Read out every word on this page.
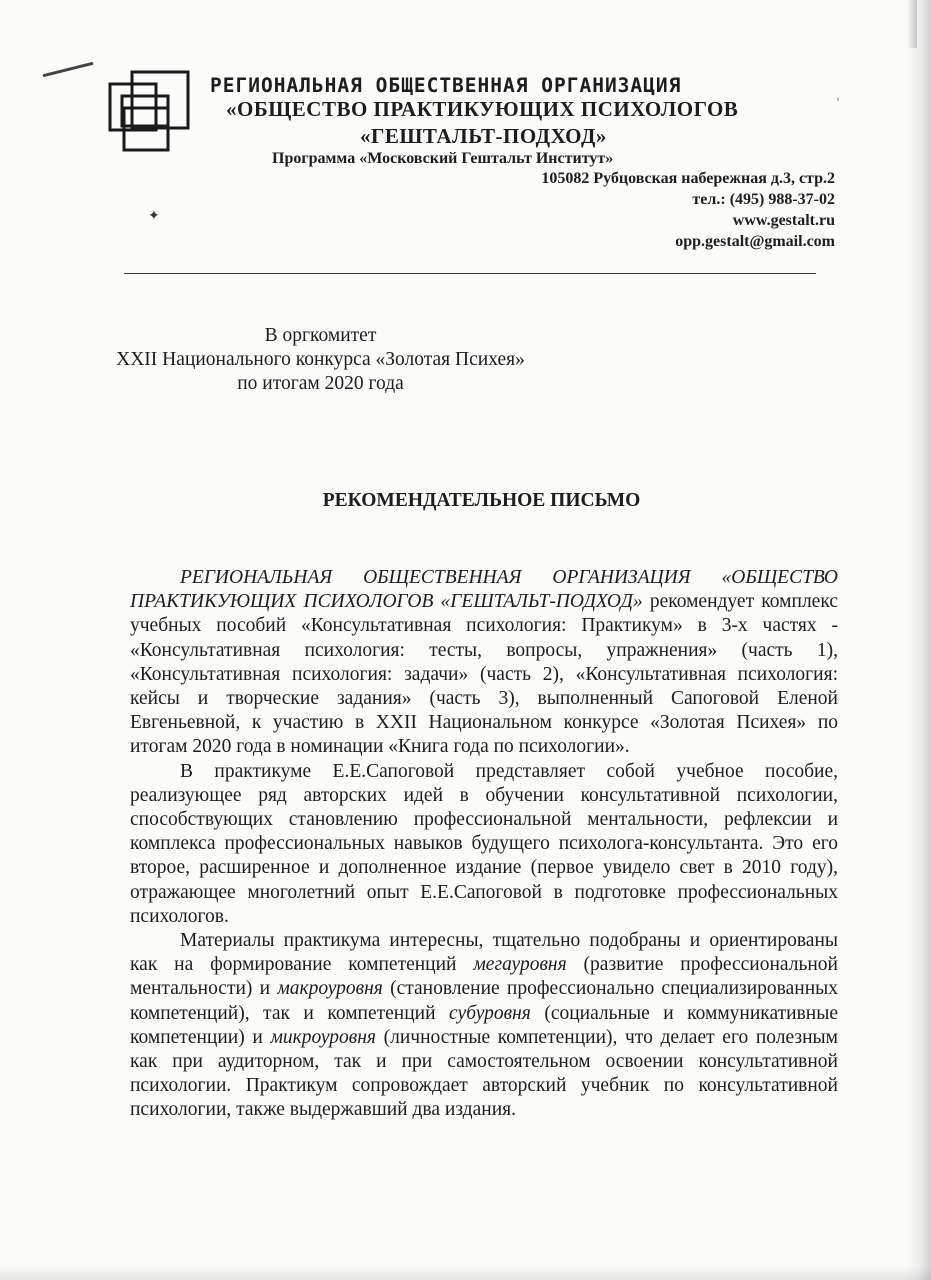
✦
ʼ
РЕГИОНАЛЬНАЯ ОБЩЕСТВЕННАЯ ОРГАНИЗАЦИЯ
«ОБЩЕСТВО ПРАКТИКУЮЩИХ ПСИХОЛОГОВ
«ГЕШТАЛЬТ-ПОДХОД»
Программа «Московский Гештальт Институт»
105082 Рубцовская набережная д.3, стр.2
тел.: (495) 988-37-02
www.gestalt.ru
opp.gestalt@gmail.com
В оргкомитет
XXII Национального конкурса «Золотая Психея»
по итогам 2020 года
РЕКОМЕНДАТЕЛЬНОЕ ПИСЬМО

РЕГИОНАЛЬНАЯ ОБЩЕСТВЕННАЯ ОРГАНИЗАЦИЯ «ОБЩЕСТВО ПРАКТИКУЮЩИХ ПСИХОЛОГОВ «ГЕШТАЛЬТ-ПОДХОД» рекомендует комплекс учебных пособий «Консультативная психология: Практикум» в 3-х частях - «Консультативная психология: тесты, вопросы, упражнения» (часть 1), «Консультативная психология: задачи» (часть 2), «Консультативная психология: кейсы и творческие задания» (часть 3), выполненный Сапоговой Еленой Евгеньевной, к участию в XXII Национальном конкурсе «Золотая Психея» по итогам 2020 года в номинации «Книга года по психологии».

В практикуме Е.Е.Сапоговой представляет собой учебное пособие, реализующее ряд авторских идей в обучении консультативной психологии, способствующих становлению профессиональной ментальности, рефлексии и комплекса профессиональных навыков будущего психолога-консультанта. Это его второе, расширенное и дополненное издание (первое увидело свет в 2010 году), отражающее многолетний опыт Е.Е.Сапоговой в подготовке профессиональных психологов.

Материалы практикума интересны, тщательно подобраны и ориентированы как на формирование компетенций мегауровня (развитие профессиональной ментальности) и макроуровня (становление профессионально специализированных компетенций), так и компетенций субуровня (социальные и коммуникативные компетенции) и микроуровня (личностные компетенции), что делает его полезным как при аудиторном, так и при самостоятельном освоении консультативной психологии. Практикум сопровождает авторский учебник по консультативной психологии, также выдержавший два издания.
